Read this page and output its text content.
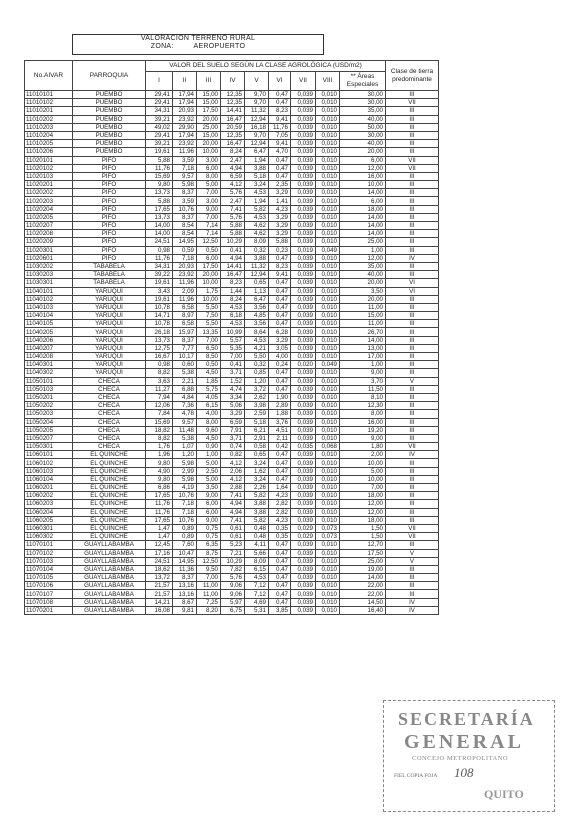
VALORACION TERRENO RURAL
ZONA:	AEROPUERTO
No.AIVAR	PARROQUIA	VALOR DEL SUELO SEGÚN LA CLASE AGROLÓGICA (USD/m2)									Clase de tierra predominante
		I	II	III	IV	V	VI	VII	VIII	** Áreas Especiales	
11010101	PUEMBO	29,41	17,94	15,00	12,35	9,70	0,47	0,039	0,010	30,00	III
11010102	PUEMBO	29,41	17,94	15,00	12,35	9,70	0,47	0,039	0,010	30,00	VII
11010201	PUEMBO	34,31	20,93	17,50	14,41	11,32	8,23	0,039	0,010	35,00	III
11010202	PUEMBO	39,21	23,92	20,00	16,47	12,94	9,41	0,039	0,010	40,00	III
11010203	PUEMBO	49,02	29,90	25,00	20,59	16,18	11,76	0,039	0,010	50,00	III
11010204	PUEMBO	29,41	17,94	15,00	12,35	9,70	7,05	0,039	0,010	30,00	III
11010205	PUEMBO	39,21	23,92	20,00	16,47	12,94	9,41	0,039	0,010	40,00	III
11010206	PUEMBO	19,61	11,96	10,00	8,24	6,47	4,70	0,039	0,010	20,00	III
11020101	PIFO	5,88	3,59	3,00	2,47	1,94	0,47	0,039	0,010	6,00	VII
11020102	PIFO	11,76	7,18	6,00	4,94	3,88	0,47	0,039	0,010	12,00	VII
11020103	PIFO	15,69	9,57	8,00	6,59	5,18	0,47	0,039	0,010	16,00	III
11020201	PIFO	9,80	5,98	5,00	4,12	3,24	2,35	0,039	0,010	10,00	III
11020202	PIFO	13,73	8,37	7,00	5,76	4,53	3,29	0,039	0,010	14,00	III
11020203	PIFO	5,88	3,59	3,00	2,47	1,94	1,41	0,039	0,010	6,00	III
11020204	PIFO	17,65	10,76	9,00	7,41	5,82	4,23	0,039	0,010	18,00	III
11020205	PIFO	13,73	8,37	7,00	5,76	4,53	3,29	0,039	0,010	14,00	III
11020207	PIFO	14,00	8,54	7,14	5,88	4,62	3,29	0,039	0,010	14,00	III
11020208	PIFO	14,00	8,54	7,14	5,88	4,62	3,29	0,039	0,010	14,00	III
11020209	PIFO	24,51	14,95	12,50	10,29	8,09	5,88	0,039	0,010	25,00	III
11020301	PIFO	0,98	0,59	0,50	0,41	0,32	0,23	0,019	0,049	1,00	III
11020601	PIFO	11,76	7,18	6,00	4,94	3,88	0,47	0,039	0,010	12,00	IV
11030202	TABABELA	34,31	20,93	17,50	14,41	11,32	8,23	0,039	0,010	35,00	III
11030203	TABABELA	39,22	23,92	20,00	16,47	12,94	9,41	0,039	0,010	40,00	III
11030301	TABABELA	19,61	11,96	10,00	8,23	0,65	0,47	0,039	0,010	20,00	VI
11040101	YARUQUI	3,43	2,09	1,75	1,44	1,13	0,47	0,039	0,010	3,50	VI
11040102	YARUQUI	19,61	11,96	10,00	8,24	6,47	0,47	0,039	0,010	20,00	III
11040103	YARUQUI	10,78	6,58	5,50	4,53	3,56	0,47	0,039	0,010	11,00	III
11040104	YARUQUI	14,71	8,97	7,50	6,18	4,85	0,47	0,039	0,010	15,00	III
11040105	YARUQUI	10,78	6,58	5,50	4,53	3,56	0,47	0,039	0,010	11,00	III
11040205	YARUQUI	26,18	15,97	13,35	10,99	8,64	6,28	0,039	0,010	26,70	III
11040206	YARUQUI	13,73	8,37	7,00	5,57	4,53	3,29	0,039	0,010	14,00	III
11040207	YARUQUI	12,75	7,77	6,50	5,35	4,21	3,05	0,039	0,010	13,00	III
11040208	YARUQUI	16,67	10,17	8,50	7,00	5,50	4,00	0,039	0,010	17,00	III
11040301	YARUQUI	0,98	0,60	0,50	0,41	0,32	0,24	0,020	0,049	1,00	III
11040302	YARUQUI	8,82	5,38	4,50	3,71	0,85	0,47	0,039	0,010	9,00	III
11050101	CHECA	3,63	2,21	1,85	1,52	1,20	0,47	0,039	0,010	3,70	V
11050103	CHECA	11,27	6,88	5,75	4,74	3,72	0,47	0,039	0,010	11,50	III
11050201	CHECA	7,94	4,84	4,05	3,34	2,62	1,90	0,039	0,010	8,10	III
11050202	CHECA	12,06	7,36	6,15	5,06	3,98	2,89	0,039	0,010	12,30	III
11050203	CHECA	7,84	4,78	4,00	3,29	2,59	1,88	0,039	0,010	8,00	III
11050204	CHECA	15,69	9,57	8,00	6,59	5,18	3,76	0,039	0,010	16,00	III
11050205	CHECA	18,82	11,48	9,60	7,91	6,21	4,51	0,039	0,010	19,20	III
11050207	CHECA	8,82	5,38	4,50	3,71	2,91	2,11	0,039	0,010	9,00	III
11050301	CHECA	1,76	1,07	0,90	0,74	0,58	0,42	0,035	0,068	1,80	VII
11060101	EL QUINCHE	1,96	1,20	1,00	0,82	0,65	0,47	0,039	0,010	2,00	IV
11060102	EL QUINCHE	9,80	5,98	5,00	4,12	3,24	0,47	0,039	0,010	10,00	III
11060103	EL QUINCHE	4,90	2,99	2,50	2,06	1,62	0,47	0,039	0,010	5,00	III
11060104	EL QUINCHE	9,80	5,98	5,00	4,12	3,24	0,47	0,039	0,010	10,00	III
11060201	EL QUINCHE	6,86	4,19	3,50	2,88	2,26	1,64	0,039	0,010	7,00	III
11060202	EL QUINCHE	17,65	10,76	9,00	7,41	5,82	4,23	0,039	0,010	18,00	III
11060203	EL QUINCHE	11,76	7,18	6,00	4,94	3,88	2,82	0,039	0,010	12,00	III
11060204	EL QUINCHE	11,76	7,18	6,00	4,94	3,88	2,82	0,039	0,010	12,00	III
11060205	EL QUINCHE	17,65	10,76	9,00	7,41	5,82	4,23	0,039	0,010	18,00	III
11060301	EL QUINCHE	1,47	0,89	0,75	0,61	0,48	0,35	0,029	0,073	1,50	VII
11060302	EL QUINCHE	1,47	0,89	0,75	0,61	0,48	0,35	0,029	0,073	1,50	VII
11070101	GUAYLLABAMBA	12,45	7,60	6,35	5,23	4,11	0,47	0,039	0,010	12,70	III
11070102	GUAYLLABAMBA	17,16	10,47	8,75	7,21	5,66	0,47	0,039	0,010	17,50	V
11070103	GUAYLLABAMBA	24,51	14,95	12,50	10,29	8,09	0,47	0,039	0,010	25,00	V
11070104	GUAYLLABAMBA	18,62	11,36	9,50	7,82	6,15	0,47	0,039	0,010	19,00	III
11070105	GUAYLLABAMBA	13,72	8,37	7,00	5,76	4,53	0,47	0,039	0,010	14,00	III
11070106	GUAYLLABAMBA	21,57	13,16	11,00	9,06	7,12	0,47	0,039	0,010	22,00	III
11070107	GUAYLLABAMBA	21,57	13,16	11,00	9,06	7,12	0,47	0,039	0,010	22,00	III
11070108	GUAYLLABAMBA	14,21	8,67	7,25	5,97	4,69	0,47	0,039	0,010	14,50	IV
11070201	GUAYLLABAMBA	16,08	9,81	8,20	6,75	5,31	3,85	0,039	0,010	16,40	IV
SECRETARÍA
GENERAL
CONCEJO METROPOLITANO
FIEL COPIA FOJA 108
QUITO
